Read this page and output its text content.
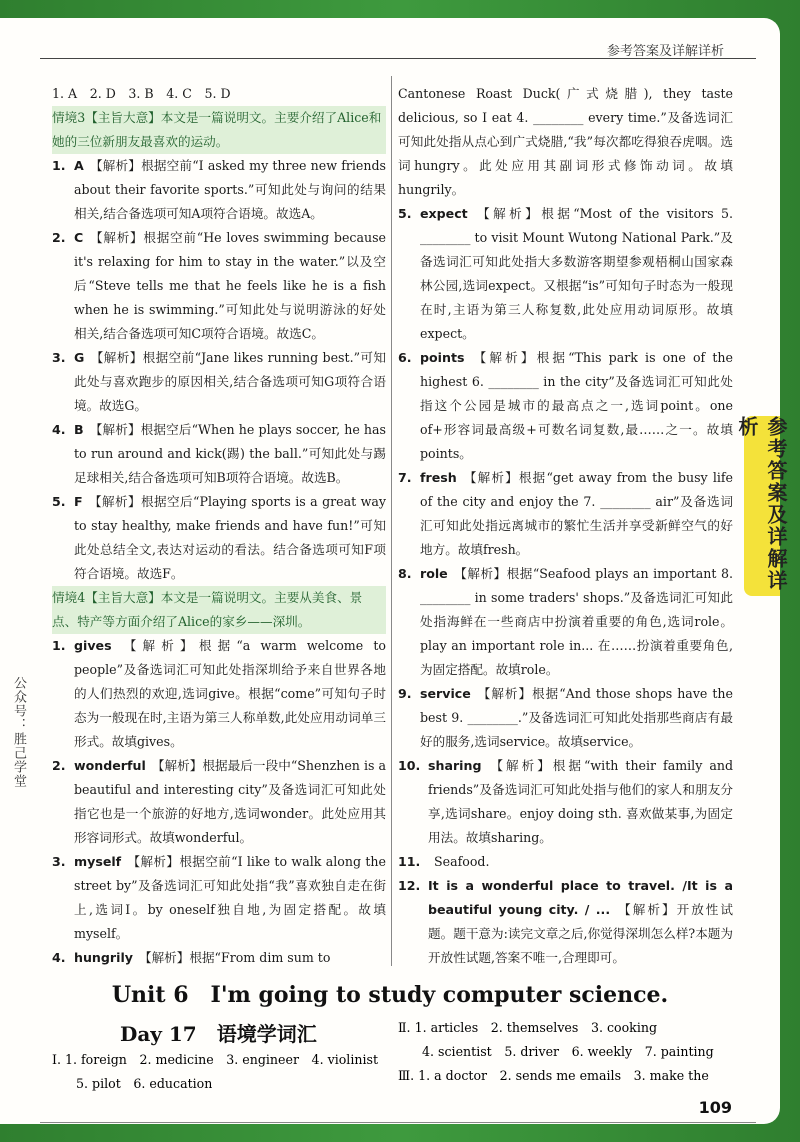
参考答案及详解详析

1. A　2. D　3. B　4. C　5. D

情境3【主旨大意】本文是一篇说明文。主要介绍了Alice和她的三位新朋友最喜欢的运动。

1. A 【解析】根据空前“I asked my three new friends about their favorite sports.”可知此处与询问的结果相关,结合备选项可知A项符合语境。故选A。

2. C 【解析】根据空前“He loves swimming because it's relaxing for him to stay in the water.”以及空后“Steve tells me that he feels like he is a fish when he is swimming.”可知此处与说明游泳的好处相关,结合备选项可知C项符合语境。故选C。

3. G 【解析】根据空前“Jane likes running best.”可知此处与喜欢跑步的原因相关,结合备选项可知G项符合语境。故选G。

4. B 【解析】根据空后“When he plays soccer, he has to run around and kick(踢) the ball.”可知此处与踢足球相关,结合备选项可知B项符合语境。故选B。

5. F 【解析】根据空后“Playing sports is a great way to stay healthy, make friends and have fun!”可知此处总结全文,表达对运动的看法。结合备选项可知F项符合语境。故选F。

情境4【主旨大意】本文是一篇说明文。主要从美食、景点、特产等方面介绍了Alice的家乡——深圳。

1. gives 【解析】根据“a warm welcome to people”及备选词汇可知此处指深圳给予来自世界各地的人们热烈的欢迎,选词give。根据“come”可知句子时态为一般现在时,主语为第三人称单数,此处应用动词单三形式。故填gives。

2. wonderful 【解析】根据最后一段中“Shenzhen is a beautiful and interesting city”及备选词汇可知此处指它也是一个旅游的好地方,选词wonder。此处应用其形容词形式。故填wonderful。

3. myself 【解析】根据空前“I like to walk along the street by”及备选词汇可知此处指“我”喜欢独自走在街上,选词I。by oneself独自地,为固定搭配。故填myself。

4. hungrily 【解析】根据“From dim sum to

Cantonese Roast Duck(广式烧腊), they taste delicious, so I eat 4. ________ every time.”及备选词汇可知此处指从点心到广式烧腊,“我”每次都吃得狼吞虎咽。选词hungry。此处应用其副词形式修饰动词。故填hungrily。

5. expect 【解析】根据“Most of the visitors 5. ________ to visit Mount Wutong National Park.”及备选词汇可知此处指大多数游客期望参观梧桐山国家森林公园,选词expect。又根据“is”可知句子时态为一般现在时,主语为第三人称复数,此处应用动词原形。故填expect。

6. points 【解析】根据“This park is one of the highest 6. ________ in the city”及备选词汇可知此处指这个公园是城市的最高点之一,选词point。one of+形容词最高级+可数名词复数,最……之一。故填points。

7. fresh 【解析】根据“get away from the busy life of the city and enjoy the 7. ________ air”及备选词汇可知此处指远离城市的繁忙生活并享受新鲜空气的好地方。故填fresh。

8. role 【解析】根据“Seafood plays an important 8. ________ in some traders' shops.”及备选词汇可知此处指海鲜在一些商店中扮演着重要的角色,选词role。play an important role in... 在……扮演着重要角色,为固定搭配。故填role。

9. service 【解析】根据“And those shops have the best 9. ________.”及备选词汇可知此处指那些商店有最好的服务,选词service。故填service。

10. sharing 【解析】根据“with their family and friends”及备选词汇可知此处指与他们的家人和朋友分享,选词share。enjoy doing sth. 喜欢做某事,为固定用法。故填sharing。

11. Seafood.

12. It is a wonderful place to travel. /It is a beautiful young city. / ... 【解析】开放性试题。题干意为:读完文章之后,你觉得深圳怎么样?本题为开放性试题,答案不唯一,合理即可。

Unit 6　I'm going to study computer science.
Day 17　语境学词汇
Ⅰ. 1. foreign　2. medicine　3. engineer　4. violinist
5. pilot　6. education
Ⅱ. 1. articles　2. themselves　3. cooking
4. scientist　5. driver　6. weekly　7. painting
Ⅲ. 1. a doctor　2. sends me emails　3. make the
109
参考答案及详解详析
公众号：胜己学堂
